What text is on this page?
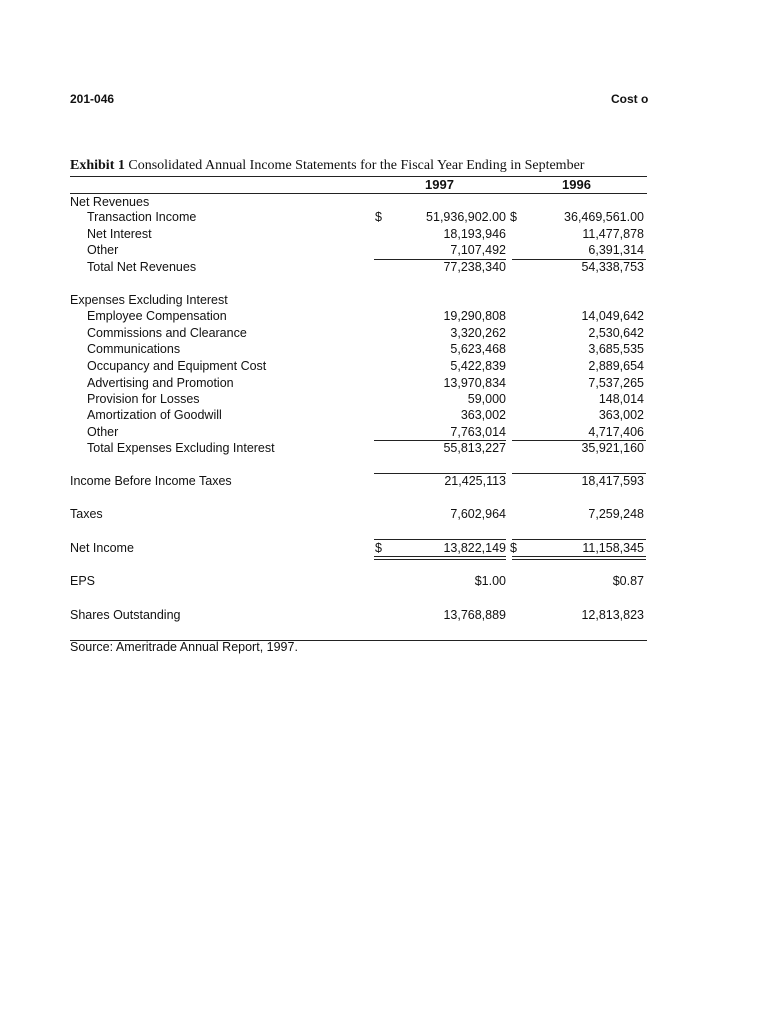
201-046	Cost o
Exhibit 1 Consolidated Annual Income Statements for the Fiscal Year Ending in September
1997	1996
Net Revenues
Transaction Income	$	51,936,902.00 $	36,469,561.00
Net Interest	18,193,946	11,477,878
Other	7,107,492	6,391,314
Total Net Revenues	77,238,340	54,338,753
Expenses Excluding Interest
Employee Compensation	19,290,808	14,049,642
Commissions and Clearance	3,320,262	2,530,642
Communications	5,623,468	3,685,535
Occupancy and Equipment Cost	5,422,839	2,889,654
Advertising and Promotion	13,970,834	7,537,265
Provision for Losses	59,000	148,014
Amortization of Goodwill	363,002	363,002
Other	7,763,014	4,717,406
Total Expenses Excluding Interest	55,813,227	35,921,160
Income Before Income Taxes	21,425,113	18,417,593
Taxes	7,602,964	7,259,248
Net Income	$	13,822,149 $	11,158,345
EPS	$1.00	$0.87
Shares Outstanding	13,768,889	12,813,823
Source: Ameritrade Annual Report, 1997.
